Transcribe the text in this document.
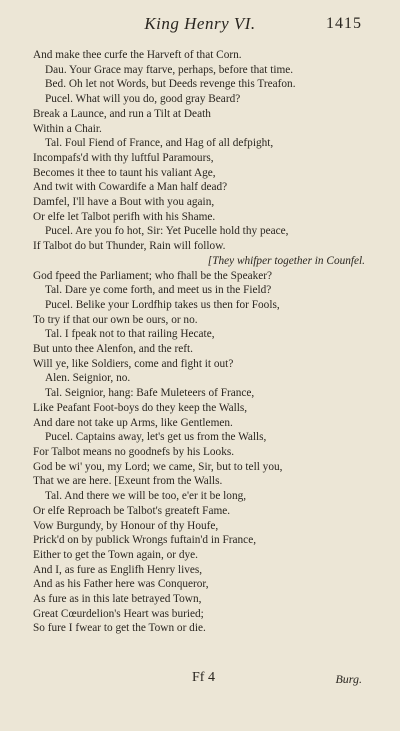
King Henry VI.	1415
And make thee curfe the Harveft of that Corn.
Dau. Your Grace may ftarve, perhaps, before that time.
Bed. Oh let not Words, but Deeds revenge this Treafon.
Pucel. What will you do, good gray Beard?
Break a Launce, and run a Tilt at Death
Within a Chair.
Tal. Foul Fiend of France, and Hag of all defpight,
Incompafs'd with thy luftful Paramours,
Becomes it thee to taunt his valiant Age,
And twit with Cowardife a Man half dead?
Damfel, I'll have a Bout with you again,
Or elfe let Talbot perifh with his Shame.
Pucel. Are you fo hot, Sir: Yet Pucelle hold thy peace,
If Talbot do but Thunder, Rain will follow.
[They whifper together in Counfel.
God fpeed the Parliament; who fhall be the Speaker?
Tal. Dare ye come forth, and meet us in the Field?
Pucel. Belike your Lordfhip takes us then for Fools,
To try if that our own be ours, or no.
Tal. I fpeak not to that railing Hecate,
But unto thee Alenfon, and the reft.
Will ye, like Soldiers, come and fight it out?
Alen. Seignior, no.
Tal. Seignior, hang: Bafe Muleteers of France,
Like Peafant Foot-boys do they keep the Walls,
And dare not take up Arms, like Gentlemen.
Pucel. Captains away, let's get us from the Walls,
For Talbot means no goodnefs by his Looks.
God be wi' you, my Lord; we came, Sir, but to tell you,
That we are here. [Exeunt from the Walls.
Tal. And there we will be too, e'er it be long,
Or elfe Reproach be Talbot's greateft Fame.
Vow Burgundy, by Honour of thy Houfe,
Prick'd on by publick Wrongs fuftain'd in France,
Either to get the Town again, or dye.
And I, as fure as Englifh Henry lives,
And as his Father here was Conqueror,
As fure as in this late betrayed Town,
Great Cœurdelion's Heart was buried;
So fure I fwear to get the Town or die.
Ff 4	Burg.
